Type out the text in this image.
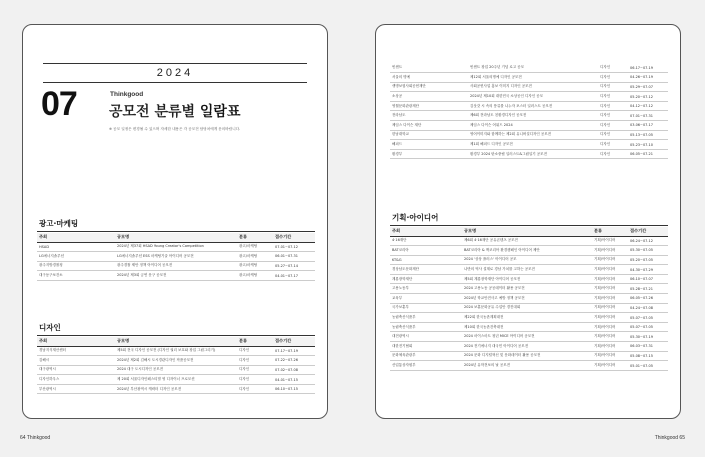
2024
07	Thinkgood
공모전 분류별 일람표
※ 공모 일정은 변경될 수 있으며 자세한 내용은 각 공모전 담당처에게 문의바랍니다.
광고·마케팅
주최	공모명	분류	접수기간
HSAD	2024년 제37회 HSAD Young Creator's Competition	광고/마케팅	07.01~07.12
LG에너지솔루션	LG에너지솔루션 ESS 마케팅기술 아이디어 공모전	광고/마케팅	06.01~07.31
광주지방경찰청	광주경찰 제안 정책 아이디어 공모전	광고/마케팅	05.27~07.14
대구동구보건소	2024년 제3회 금연 문구 공모전	광고/마케팅	04.01~07.17
디자인
주최	공모명	분류	접수기간
경남지식재산센터	제5회 전국 디자인 공모전 (디자인 권리 보호와 창업 그림그리기)	디자인	07.17~07.19
김해시	2024년 제2회 김해시 도시경관디자인 작품공모전	디자인	07.22~07.26
대구광역시	2024 대구 도시디자인 공모전	디자인	07.02~07.08
디자인하우스	제 20회 서울디자인페스티벌 영 디자이너 프로모션	디자인	04.01~07.15
부산광역시	2024년 부산광역시 캐릭터 디자인 공모전	디자인	06.10~07.15
빈센트	빈센트 창업 20주년 기념 로고 공모	디자인	06.17~07.19
서울의 명예	제12회 서울의명예 디자인 공모전	디자인	04.26~07.19
생명보험사회공헌재단	사회공헌사업 홍보 이미지 디자인 공모전	디자인	05.29~07.07
소상공	2024년 제10회 대한민국 소상공인 디자인 공모	디자인	05.20~07.12
영월문화관광재단	김삿갓 시 속의 풍류를 나누자 포스터 일러스트 공모전	디자인	04.12~07.12
전라남도	제6회 전라남도 친환경디자인 공모전	디자인	07.01~07.31
제임스 다이슨 재단	제임스 다이슨 어워드 2024	디자인	03.06~07.17
한남대학교	영어이미지와 함께하는 제2회 유니버설디자인 공모전	디자인	05.13~07.05
해피드	제1회 해피드 디자인 공모전	디자인	05.23~07.10
환경부	환경부 2024 탄소중립 일러스트&그림일기 공모전	디자인	06.05~07.21
기획·아이디어
주최	공모명	분류	접수기간
4·16재단	제6회 4·16재단 공유콘텐츠 공모전	기획/아이디어	06.24~07.12
BAT코리아	BAT코리아 & 핵코리아 환경캠페인 아이디어 제안	기획/아이디어	05.30~07.05
KT&G	2024 '상상 플러스' 아이디어 공모	기획/아이디어	05.20~07.05
경상남도문화재단	나만의 역사 설계로 경남 가치를 고하는 공모전	기획/아이디어	04.30~07.29
계룡장학재단	제5회 계룡장학재단 아이디어 공모전	기획/아이디어	06.10~07.07
고용노동부	2024 고용노동 공공데이터 활용 공모전	기획/아이디어	05.28~07.21
교육부	2024년 학교안전사고 예방 정책 공모전	기획/아이디어	06.05~07.26
국가보훈부	2024 보훈문화공유 수업안 경진대회	기획/아이디어	04.24~07.08
농림축산식품부	제22회 한국농촌계획대전	기획/아이디어	05.07~07.05
농림축산식품부	제10회 한국농촌건축대전	기획/아이디어	05.07~07.05
대전광역시	2024 마이스마트 청년 MICE 아이디어 공모전	기획/아이디어	05.30~07.19
대한전기협회	2024 전기에너지 대국민 아이디어 공모전	기획/아이디어	06.03~07.31
문화체육관광부	2024 문화 디지털혁신 및 문화데이터 활용 공모전	기획/아이디어	05.08~07.15
산업통상자원부	2024년 유학전보의 날 공모전	기획/아이디어	05.01~07.05
64 Thinkgood	Thinkgood 65
